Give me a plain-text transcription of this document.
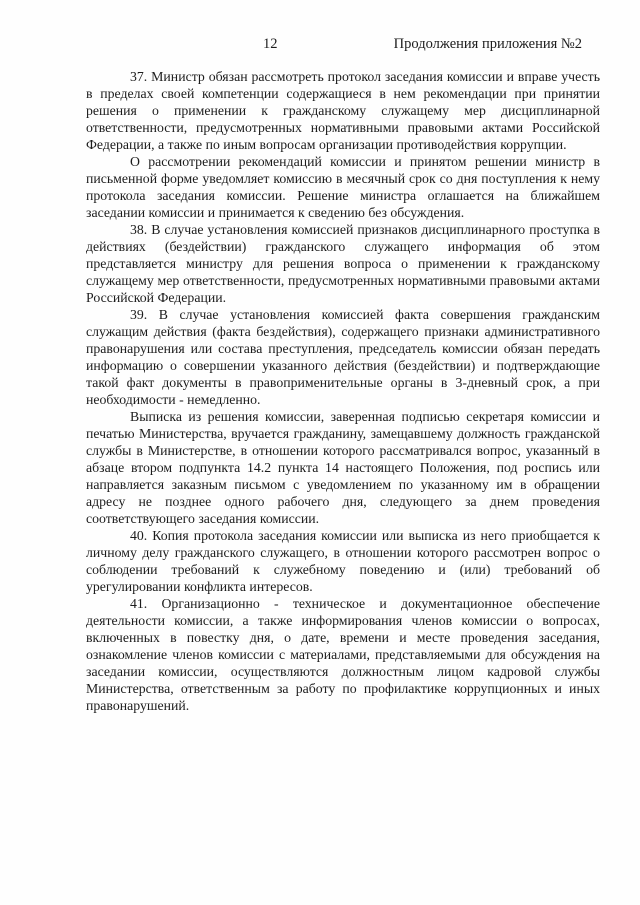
12	Продолжения приложения №2

37. Министр обязан рассмотреть протокол заседания комиссии и вправе учесть в пределах своей компетенции содержащиеся в нем рекомендации при принятии решения о применении к гражданскому служащему мер дисциплинарной ответственности, предусмотренных нормативными правовыми актами Российской Федерации, а также по иным вопросам организации противодействия коррупции.

О рассмотрении рекомендаций комиссии и принятом решении министр в письменной форме уведомляет комиссию в месячный срок со дня поступления к нему протокола заседания комиссии. Решение министра оглашается на ближайшем заседании комиссии и принимается к сведению без обсуждения.

38. В случае установления комиссией признаков дисциплинарного проступка в действиях (бездействии) гражданского служащего информация об этом представляется министру для решения вопроса о применении к гражданскому служащему мер ответственности, предусмотренных нормативными правовыми актами Российской Федерации.

39. В случае установления комиссией факта совершения гражданским служащим действия (факта бездействия), содержащего признаки административного правонарушения или состава преступления, председатель комиссии обязан передать информацию о совершении указанного действия (бездействии) и подтверждающие такой факт документы в правоприменительные органы в 3-дневный срок, а при необходимости - немедленно.

Выписка из решения комиссии, заверенная подписью секретаря комиссии и печатью Министерства, вручается гражданину, замещавшему должность гражданской службы в Министерстве, в отношении которого рассматривался вопрос, указанный в абзаце втором подпункта 14.2 пункта 14 настоящего Положения, под роспись или направляется заказным письмом с уведомлением по указанному им в обращении адресу не позднее одного рабочего дня, следующего за днем проведения соответствующего заседания комиссии.

40. Копия протокола заседания комиссии или выписка из него приобщается к личному делу гражданского служащего, в отношении которого рассмотрен вопрос о соблюдении требований к служебному поведению и (или) требований об урегулировании конфликта интересов.

41. Организационно - техническое и документационное обеспечение деятельности комиссии, а также информирования членов комиссии о вопросах, включенных в повестку дня, о дате, времени и месте проведения заседания, ознакомление членов комиссии с материалами, представляемыми для обсуждения на заседании комиссии, осуществляются должностным лицом кадровой службы Министерства, ответственным за работу по профилактике коррупционных и иных правонарушений.
